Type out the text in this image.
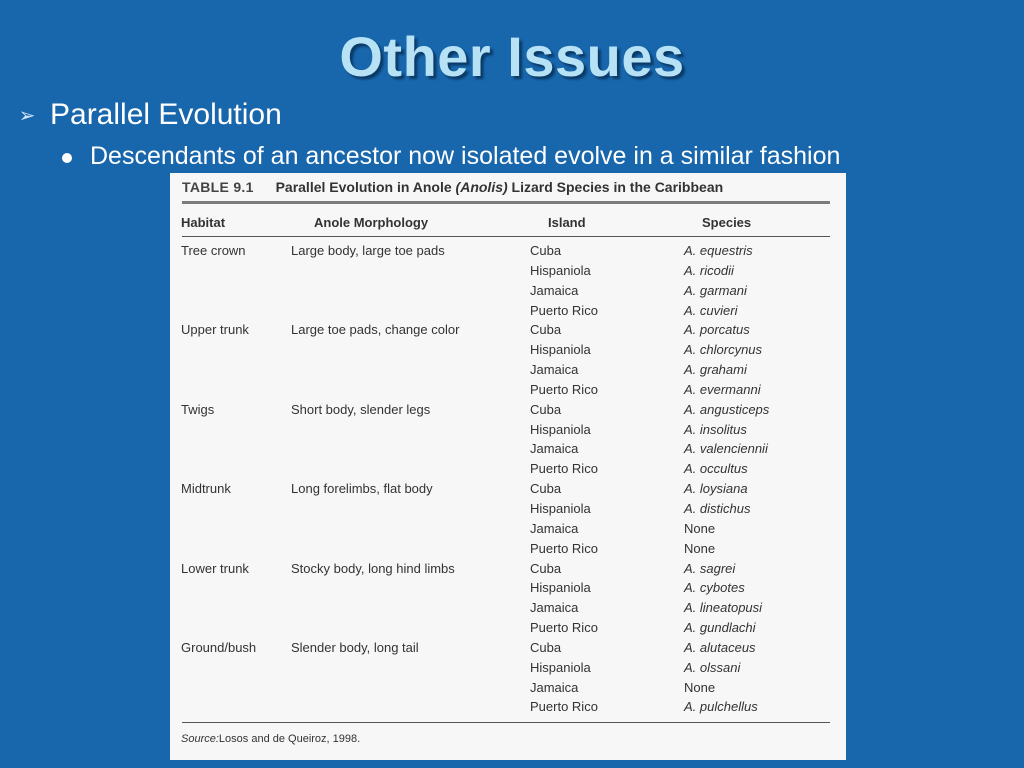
Other Issues
➢ Parallel Evolution
Descendants of an ancestor now isolated evolve in a similar fashion
TABLE 9.1 Parallel Evolution in Anole (Anolis) Lizard Species in the Caribbean
Habitat	Anole Morphology	Island	Species
Tree crown	Large body, large toe pads	Cuba	A. equestris
Hispaniola	A. ricodii
Jamaica	A. garmani
Puerto Rico	A. cuvieri
Upper trunk	Large toe pads, change color	Cuba	A. porcatus
Hispaniola	A. chlorcynus
Jamaica	A. grahami
Puerto Rico	A. evermanni
Twigs	Short body, slender legs	Cuba	A. angusticeps
Hispaniola	A. insolitus
Jamaica	A. valenciennii
Puerto Rico	A. occultus
Midtrunk	Long forelimbs, flat body	Cuba	A. loysiana
Hispaniola	A. distichus
Jamaica	None
Puerto Rico	None
Lower trunk	Stocky body, long hind limbs	Cuba	A. sagrei
Hispaniola	A. cybotes
Jamaica	A. lineatopusi
Puerto Rico	A. gundlachi
Ground/bush	Slender body, long tail	Cuba	A. alutaceus
Hispaniola	A. olssani
Jamaica	None
Puerto Rico	A. pulchellus
Source:Losos and de Queiroz, 1998.
